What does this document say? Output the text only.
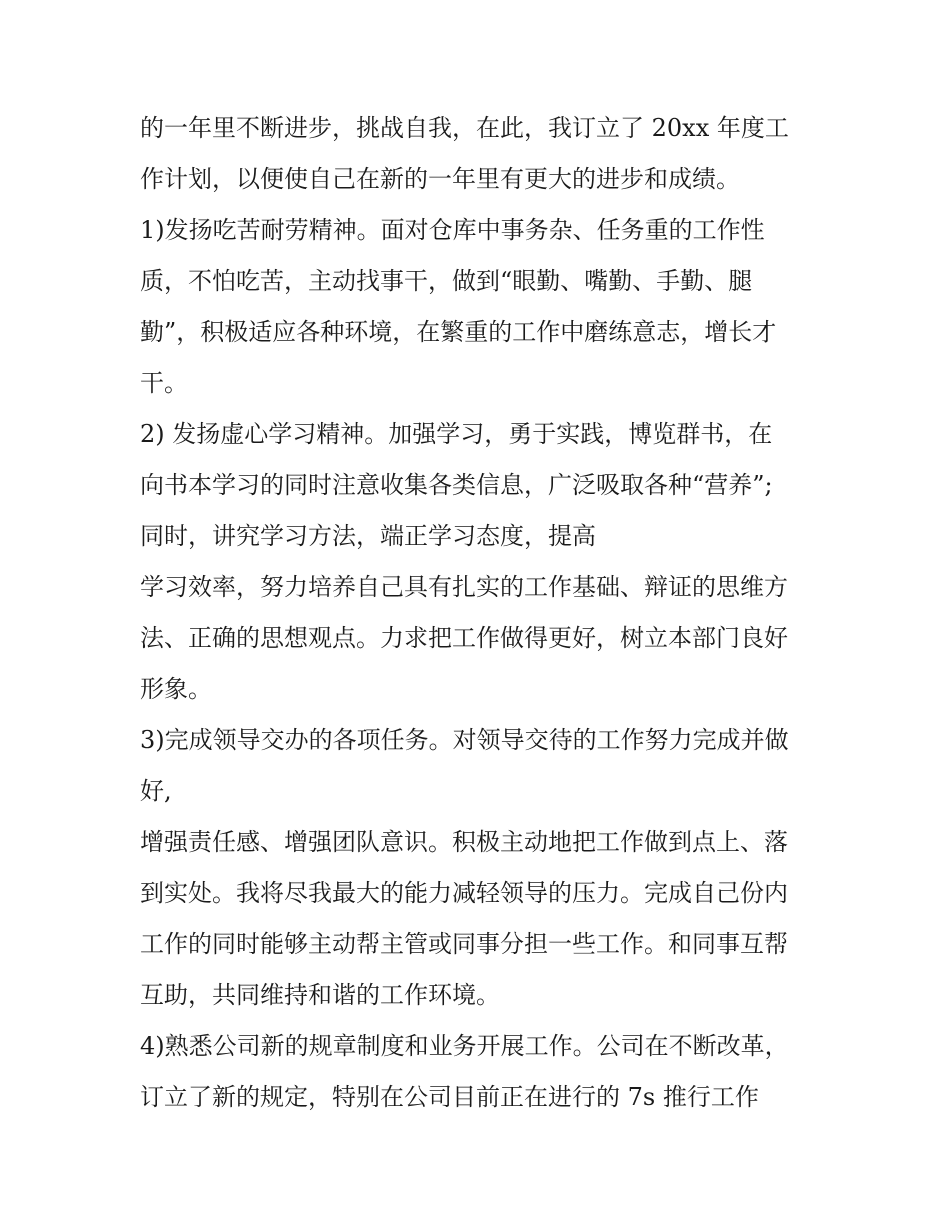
的一年里不断进步，挑战自我，在此，我订立了 20xx 年度工

作计划，以便使自己在新的一年里有更大的进步和成绩。

1)发扬吃苦耐劳精神。面对仓库中事务杂、任务重的工作性

质，不怕吃苦，主动找事干，做到“眼勤、嘴勤、手勤、腿

勤”，积极适应各种环境，在繁重的工作中磨练意志，增长才

干。

2) 发扬虚心学习精神。加强学习，勇于实践，博览群书，在

向书本学习的同时注意收集各类信息，广泛吸取各种“营养”;

同时，讲究学习方法，端正学习态度，提高

学习效率，努力培养自己具有扎实的工作基础、辩证的思维方

法、正确的思想观点。力求把工作做得更好，树立本部门良好

形象。

3)完成领导交办的各项任务。对领导交待的工作努力完成并做

好,

增强责任感、增强团队意识。积极主动地把工作做到点上、落

到实处。我将尽我最大的能力减轻领导的压力。完成自己份内

工作的同时能够主动帮主管或同事分担一些工作。和同事互帮

互助，共同维持和谐的工作环境。

4)熟悉公司新的规章制度和业务开展工作。公司在不断改革，

订立了新的规定，特别在公司目前正在进行的 7s 推行工作
